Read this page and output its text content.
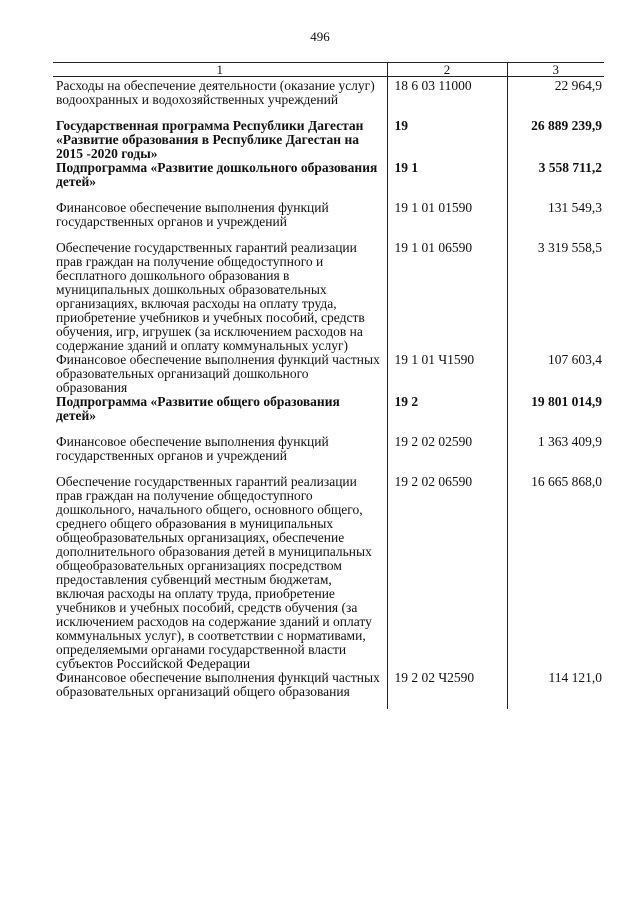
496
1	2	3
Расходы на обеспечение деятельности (оказание услуг) водоохранных и водохозяйственных учреждений	18 6 03 11000	22 964,9
Государственная программа Республики Дагестан «Развитие образования в Республике Дагестан на 2015 -2020 годы»	19	26 889 239,9
Подпрограмма «Развитие дошкольного образования детей»	19 1	3 558 711,2
Финансовое обеспечение выполнения функций государственных органов и учреждений	19 1 01 01590	131 549,3
Обеспечение государственных гарантий реализации прав граждан на получение общедоступного и бесплатного дошкольного образования в муниципальных дошкольных образовательных организациях, включая расходы на оплату труда, приобретение учебников и учебных пособий, средств обучения, игр, игрушек (за исключением расходов на содержание зданий и оплату коммунальных услуг)	19 1 01 06590	3 319 558,5
Финансовое обеспечение выполнения функций частных образовательных организаций дошкольного образования	19 1 01 Ч1590	107 603,4
Подпрограмма «Развитие общего образования детей»	19 2	19 801 014,9
Финансовое обеспечение выполнения функций государственных органов и учреждений	19 2 02 02590	1 363 409,9
Обеспечение государственных гарантий реализации прав граждан на получение общедоступного дошкольного, начального общего, основного общего, среднего общего образования в муниципальных общеобразовательных организациях, обеспечение дополнительного образования детей в муниципальных общеобразовательных организациях посредством предоставления субвенций местным бюджетам, включая расходы на оплату труда, приобретение учебников и учебных пособий, средств обучения (за исключением расходов на содержание зданий и оплату коммунальных услуг), в соответствии с нормативами, определяемыми органами государственной власти субъектов Российской Федерации	19 2 02 06590	16 665 868,0
Финансовое обеспечение выполнения функций частных образовательных организаций общего образования	19 2 02 Ч2590	114 121,0
